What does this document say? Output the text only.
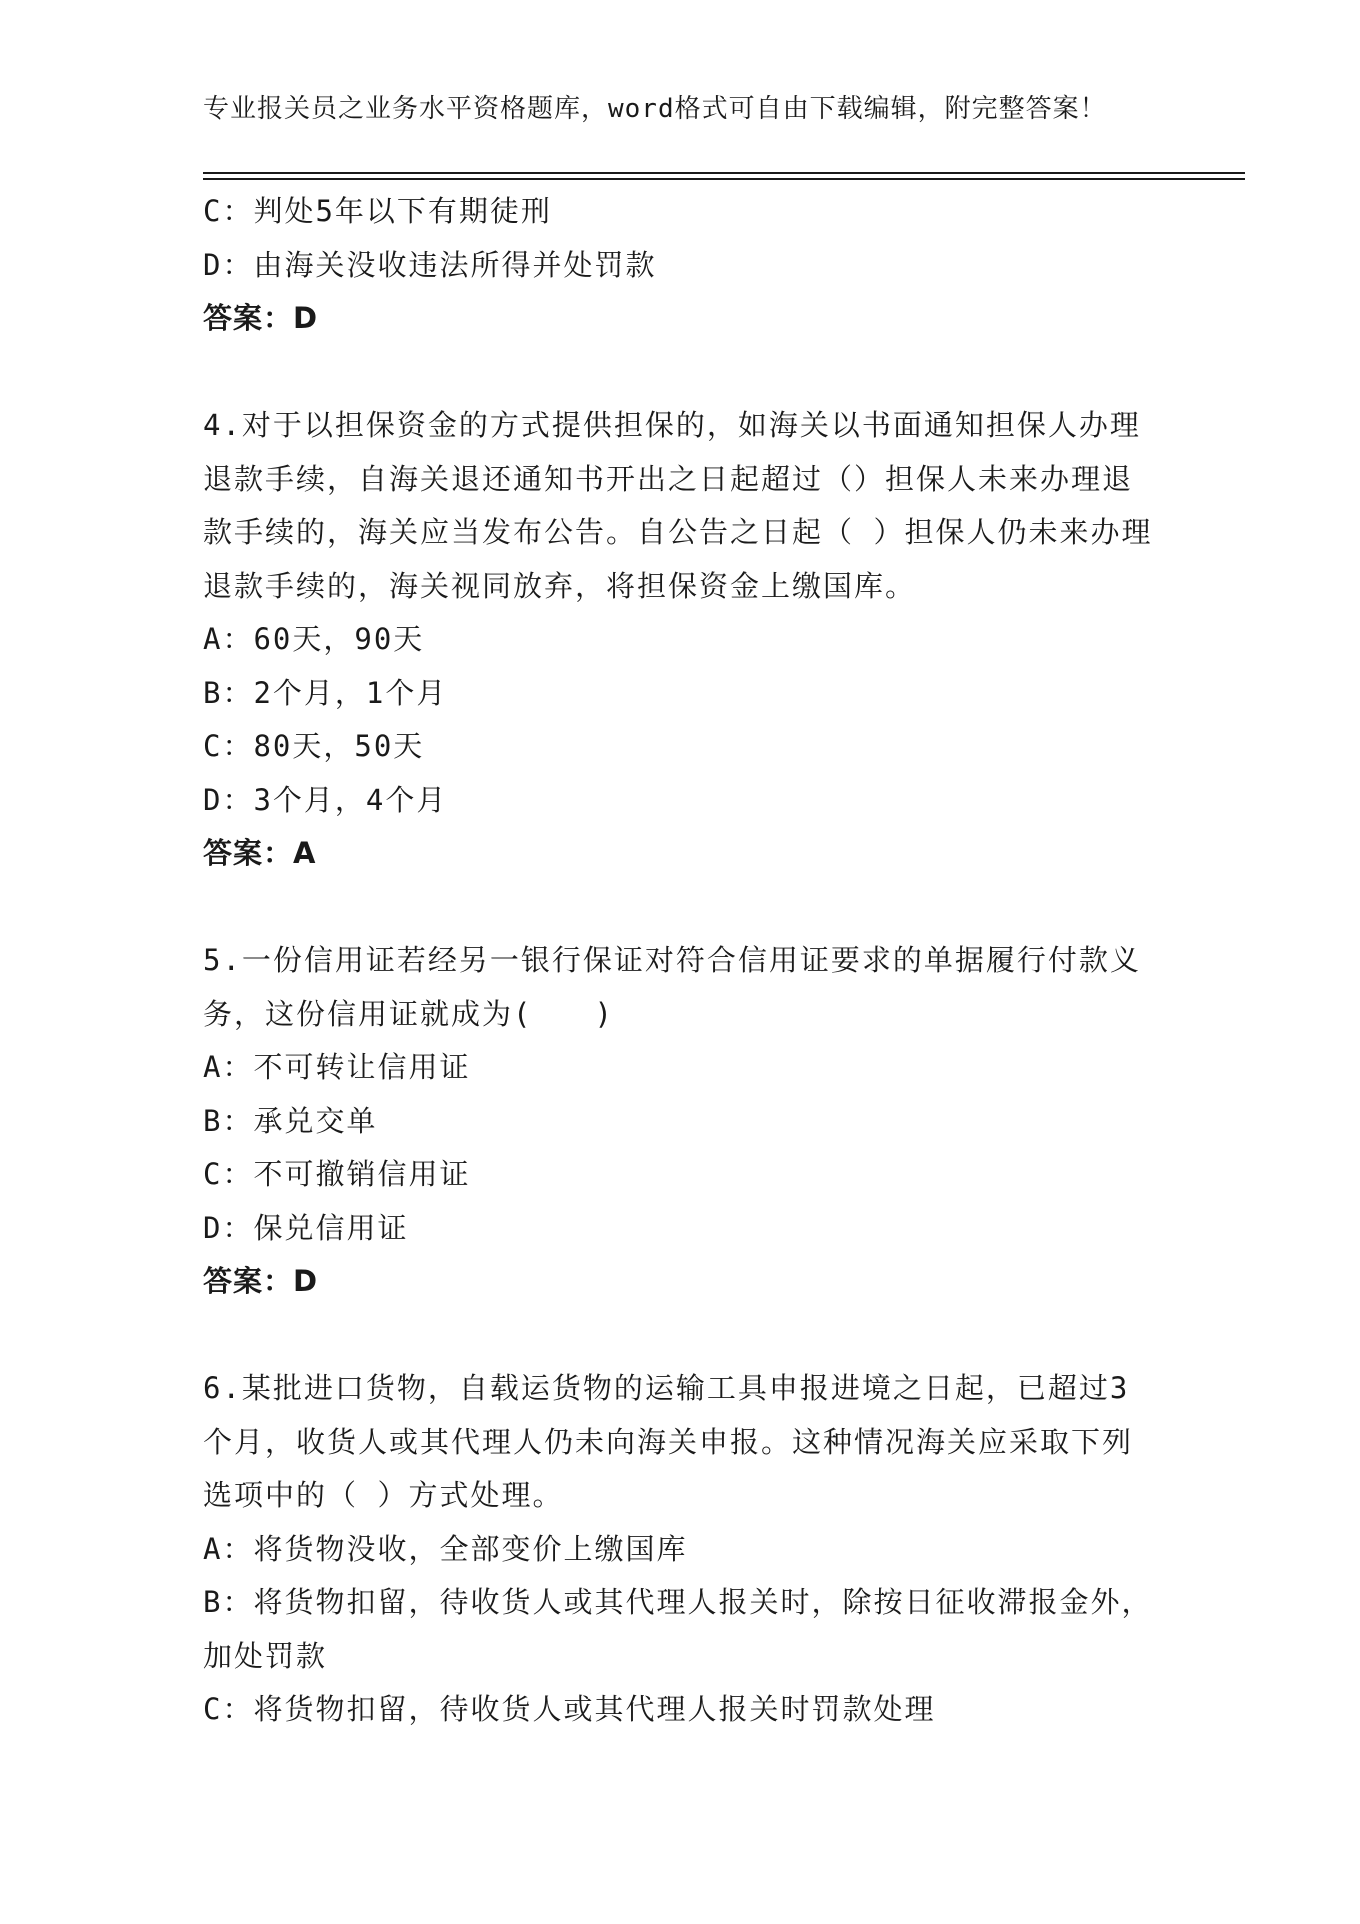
专业报关员之业务水平资格题库，word格式可自由下载编辑，附完整答案！
C：判处5年以下有期徒刑
D：由海关没收违法所得并处罚款
答案：D
4.对于以担保资金的方式提供担保的，如海关以书面通知担保人办理
退款手续，自海关退还通知书开出之日起超过（）担保人未来办理退
款手续的，海关应当发布公告。自公告之日起（ ）担保人仍未来办理
退款手续的，海关视同放弃，将担保资金上缴国库。
A：60天，90天
B：2个月，1个月
C：80天，50天
D：3个月，4个月
答案：A
5.一份信用证若经另一银行保证对符合信用证要求的单据履行付款义
务，这份信用证就成为(　　)
A：不可转让信用证
B：承兑交单
C：不可撤销信用证
D：保兑信用证
答案：D
6.某批进口货物，自载运货物的运输工具申报进境之日起，已超过3
个月，收货人或其代理人仍未向海关申报。这种情况海关应采取下列
选项中的（ ）方式处理。
A：将货物没收，全部变价上缴国库
B：将货物扣留，待收货人或其代理人报关时，除按日征收滞报金外，
加处罚款
C：将货物扣留，待收货人或其代理人报关时罚款处理
